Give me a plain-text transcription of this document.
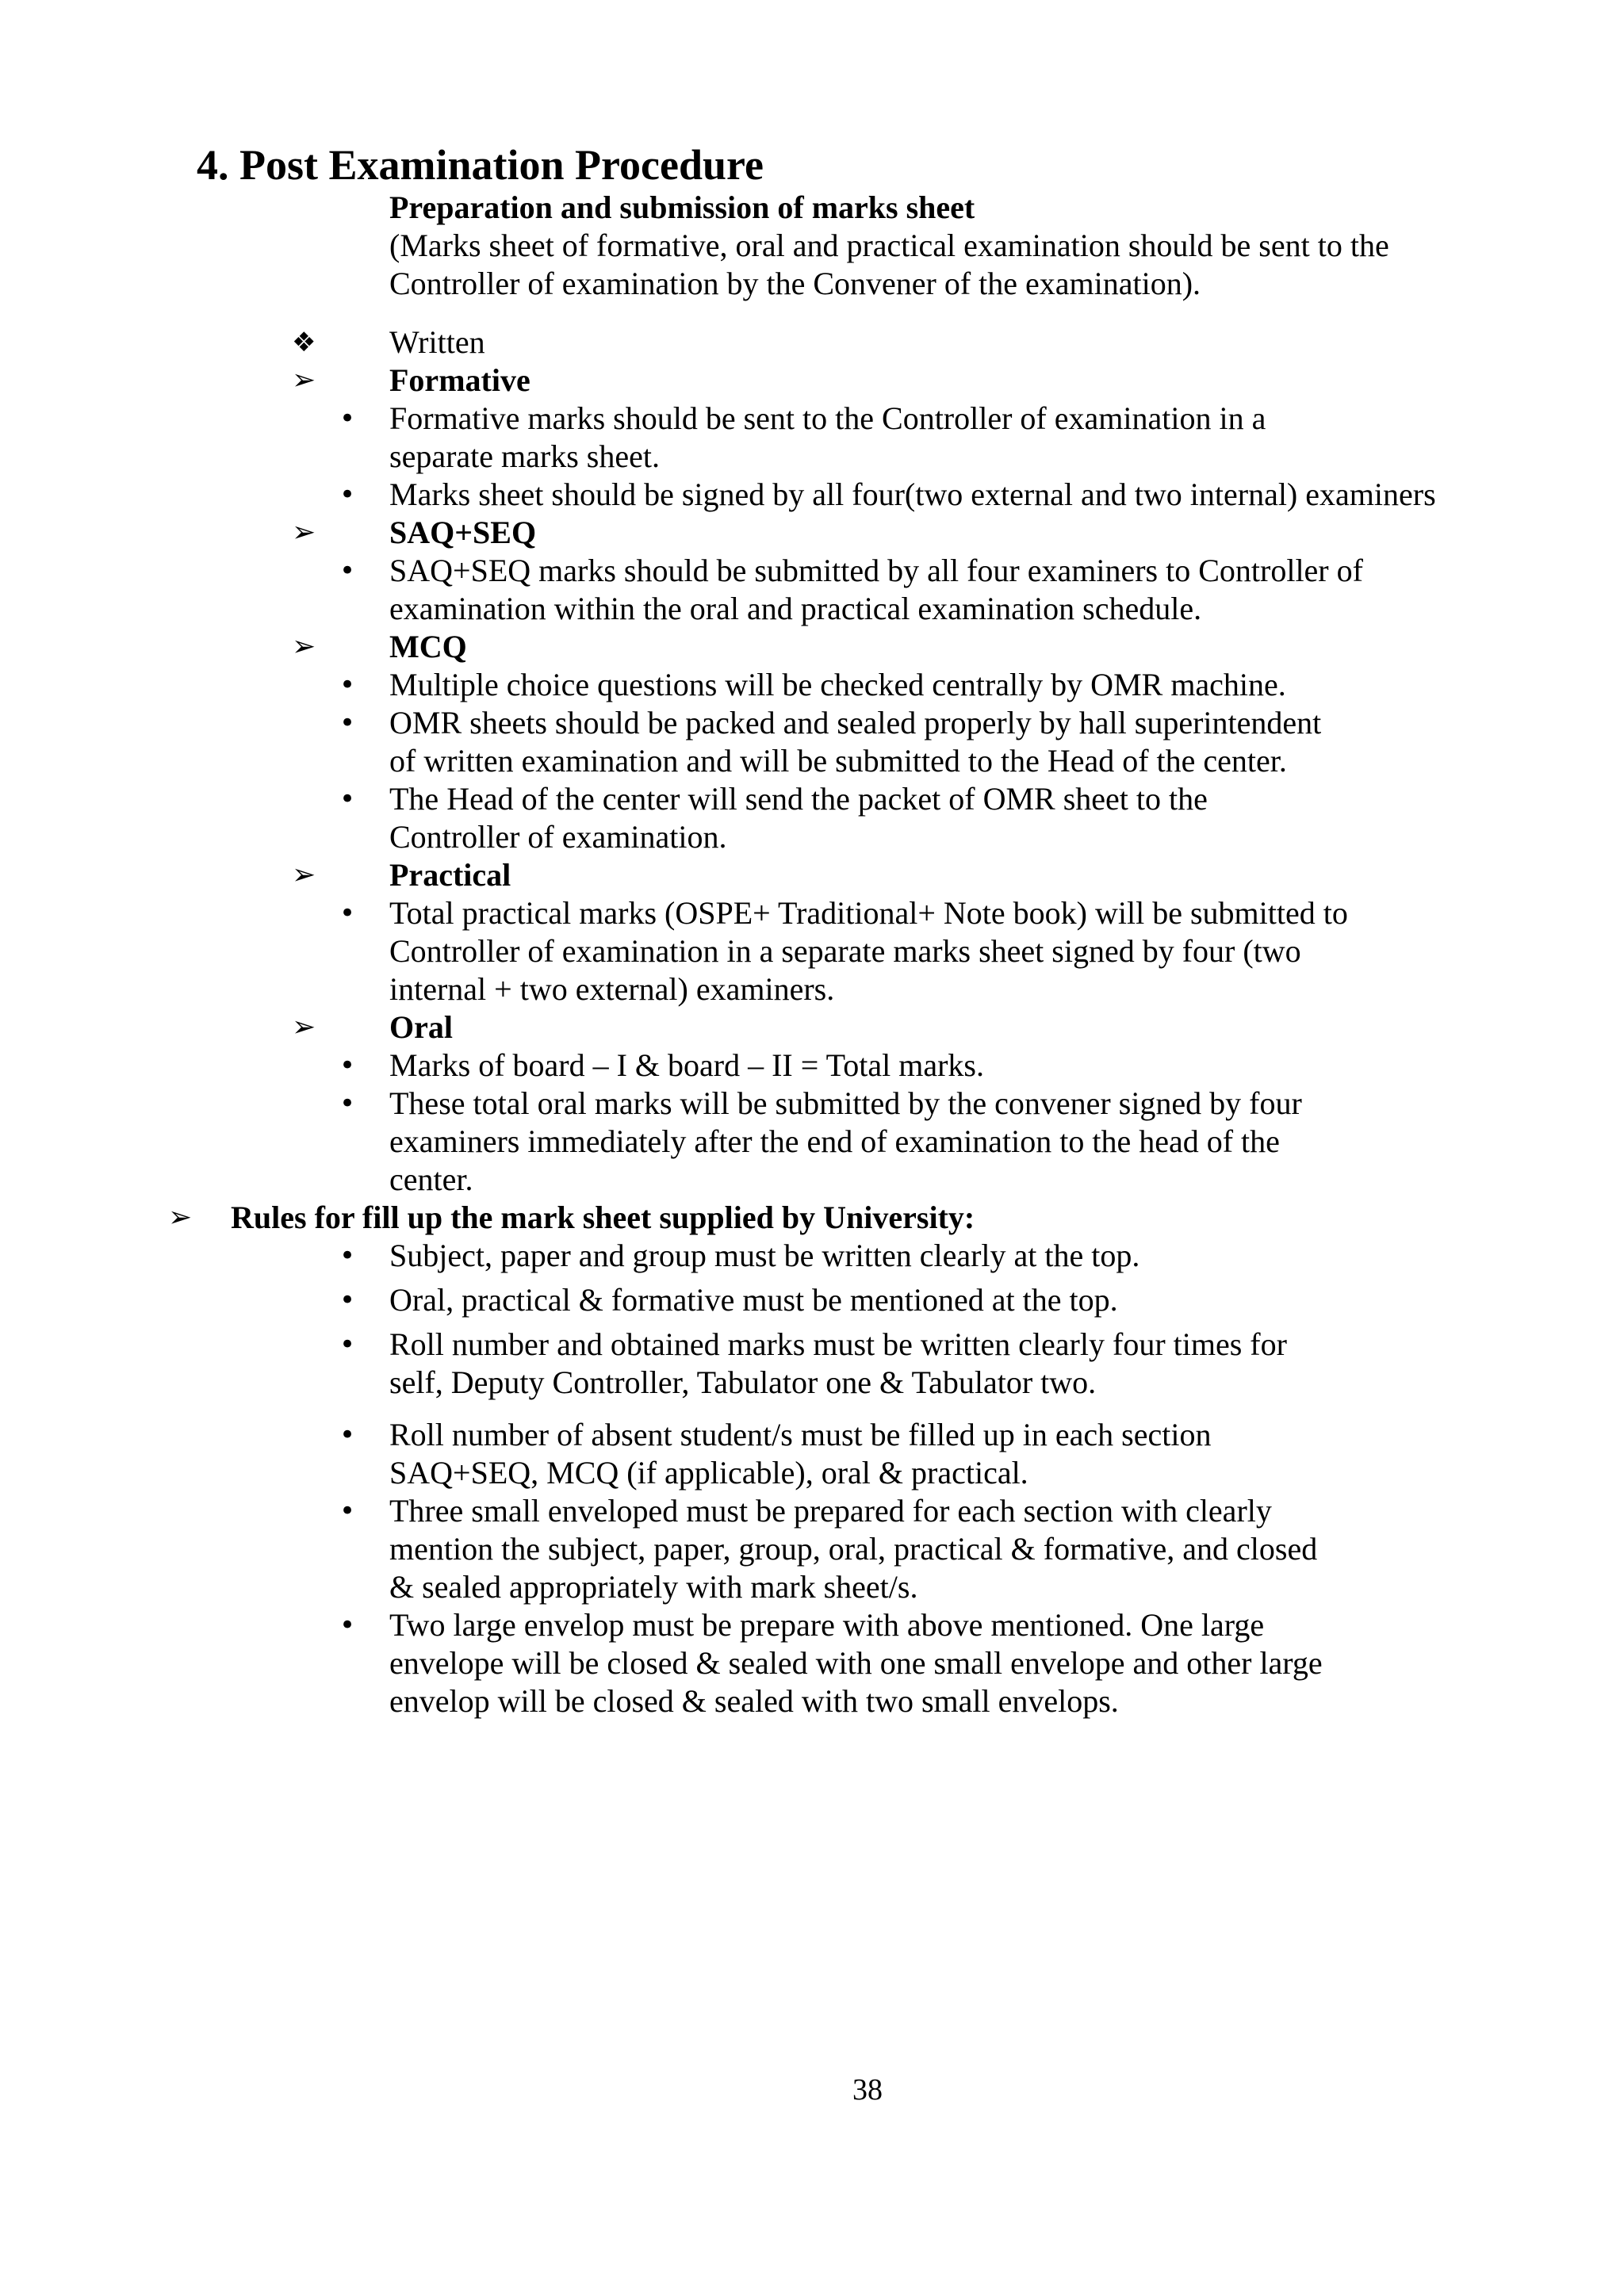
4. Post Examination Procedure
Preparation and submission of marks sheet
(Marks sheet of formative, oral and practical examination should be sent to the
Controller of examination by the Convener of the examination).
❖ Written
➢ Formative
• Formative marks should be sent to the Controller of examination in a
separate marks sheet.
• Marks sheet should be signed by all four(two external and two internal) examiners
➢ SAQ+SEQ
• SAQ+SEQ marks should be submitted by all four examiners to Controller of
examination within the oral and practical examination schedule.
➢ MCQ
• Multiple choice questions will be checked centrally by OMR machine.
• OMR sheets should be packed and sealed properly by hall superintendent
of written examination and will be submitted to the Head of the center.
• The Head of the center will send the packet of OMR sheet to the
Controller of examination.
➢ Practical
• Total practical marks (OSPE+ Traditional+ Note book) will be submitted to
Controller of examination in a separate marks sheet signed by four (two
internal + two external) examiners.
➢ Oral
• Marks of board – I & board – II = Total marks.
• These total oral marks will be submitted by the convener signed by four
examiners immediately after the end of examination to the head of the
center.
➢ Rules for fill up the mark sheet supplied by University:
• Subject, paper and group must be written clearly at the top.
• Oral, practical & formative must be mentioned at the top.
• Roll number and obtained marks must be written clearly four times for
self, Deputy Controller, Tabulator one & Tabulator two.
• Roll number of absent student/s must be filled up in each section
SAQ+SEQ, MCQ (if applicable), oral & practical.
• Three small enveloped must be prepared for each section with clearly
mention the subject, paper, group, oral, practical & formative, and closed
& sealed appropriately with mark sheet/s.
• Two large envelop must be prepare with above mentioned. One large
envelope will be closed & sealed with one small envelope and other large
envelop will be closed & sealed with two small envelops.
38
